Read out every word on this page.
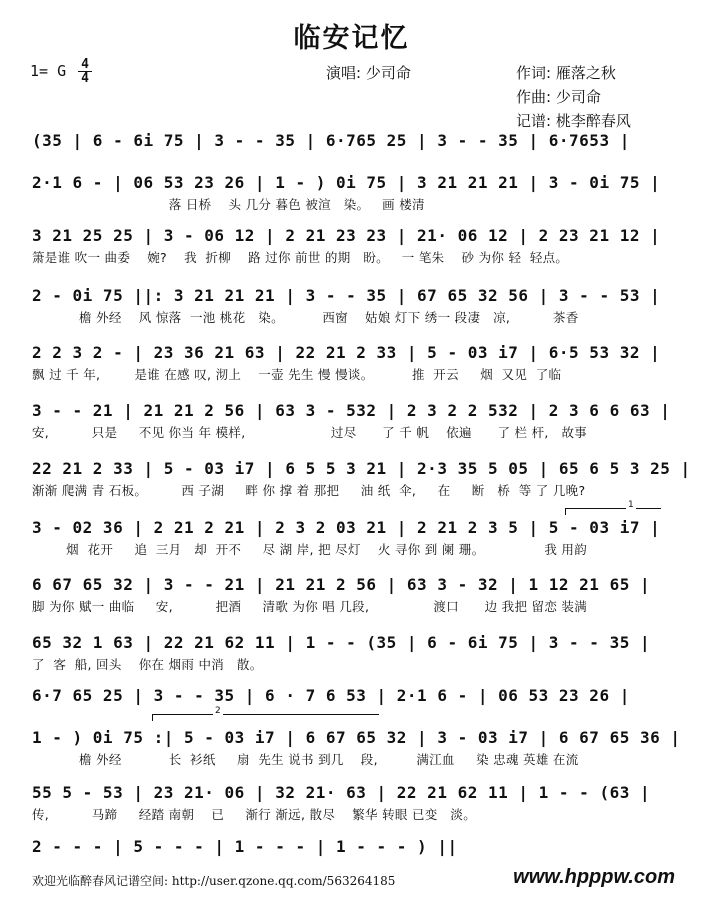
临安记忆
1= G 4
4	演唱: 少司命	作词: 雁落之秋
作曲: 少司命
记谱: 桃李醉春风
(35 | 6 - 6i 75 | 3 - - 35 | 6·765 25 | 3 - - 35 | 6·7653 |
2·1 6 - | 06 53 23 26 | 1 - ) 0i 75 | 3 21 21 21 | 3 - 0i 75 |
落 日桥    头 几分 暮色 被渲   染。   画 楼清
3 21 25 25 | 3 - 06 12 | 2 21 23 23 | 21· 06 12 | 2 23 21 12 |
箫是谁 吹一 曲委    婉?    我  折柳    路 过你 前世 的期   盼。   一 笔朱    砂 为你 轻  轻点。
2 - 0i 75 ||: 3 21 21 21 | 3 - - 35 | 67 65 32 56 | 3 - - 53 |
檐 外经    风 惊落  一池 桃花   染。         西窗    姑娘 灯下 绣一 段凄   凉,          茶香
2 2 3 2 - | 23 36 21 63 | 22 21 2 33 | 5 - 03 i7 | 6·5 53 32 |
飘 过 千 年,        是谁 在感 叹, 沏上    一壶 先生 慢 慢谈。         推  开云     烟  又见  了临
3 - - 21 | 21 21 2 56 | 63 3 - 532 | 2 3 2 2 532 | 2 3 6 6 63 |
安,          只是     不见 你当 年 模样,                    过尽      了 千 帆    依遍      了 栏 杆,   故事
22 21 2 33 | 5 - 03 i7 | 6 5 5 3 21 | 2·3 35 5 05 | 65 6 5 3 25 |
渐渐 爬满 青 石板。        西 子湖     畔 你 撑 着 那把     油 纸  伞,     在     断   桥  等 了 几晚?
1
3 - 02 36 | 2 21 2 21 | 2 3 2 03 21 | 2 21 2 3 5 | 5 - 03 i7 |
烟  花开     追  三月   却  开不     尽 湖 岸, 把 尽灯    火 寻你 到 阑 珊。              我 用韵
6 67 65 32 | 3 - - 21 | 21 21 2 56 | 63 3 - 32 | 1 12 21 65 |
脚 为你 赋一 曲临     安,          把酒     清歌 为你 唱 几段,               渡口      边 我把 留恋 装满
65 32 1 63 | 22 21 62 11 | 1 - - (35 | 6 - 6i 75 | 3 - - 35 |
了  客  船, 回头    你在 烟雨 中消   散。
6·7 65 25 | 3 - - 35 | 6 · 7 6 53 | 2·1 6 - | 06 53 23 26 |
2
1 - ) 0i 75 :| 5 - 03 i7 | 6 67 65 32 | 3 - 03 i7 | 6 67 65 36 |
檐 外经           长  衫纸     扇  先生 说书 到几    段,         满江血     染 忠魂 英雄 在流
55 5 - 53 | 23 21· 06 | 32 21· 63 | 22 21 62 11 | 1 - - (63 |
传,          马蹄     经踏 南朝    已     渐行 渐远, 散尽    繁华 转眼 已变   淡。
2 - - - | 5 - - - | 1 - - - | 1 - - - ) ||
欢迎光临醉春风记谱空间: http://user.qzone.qq.com/563264185	www.hpppw.com
